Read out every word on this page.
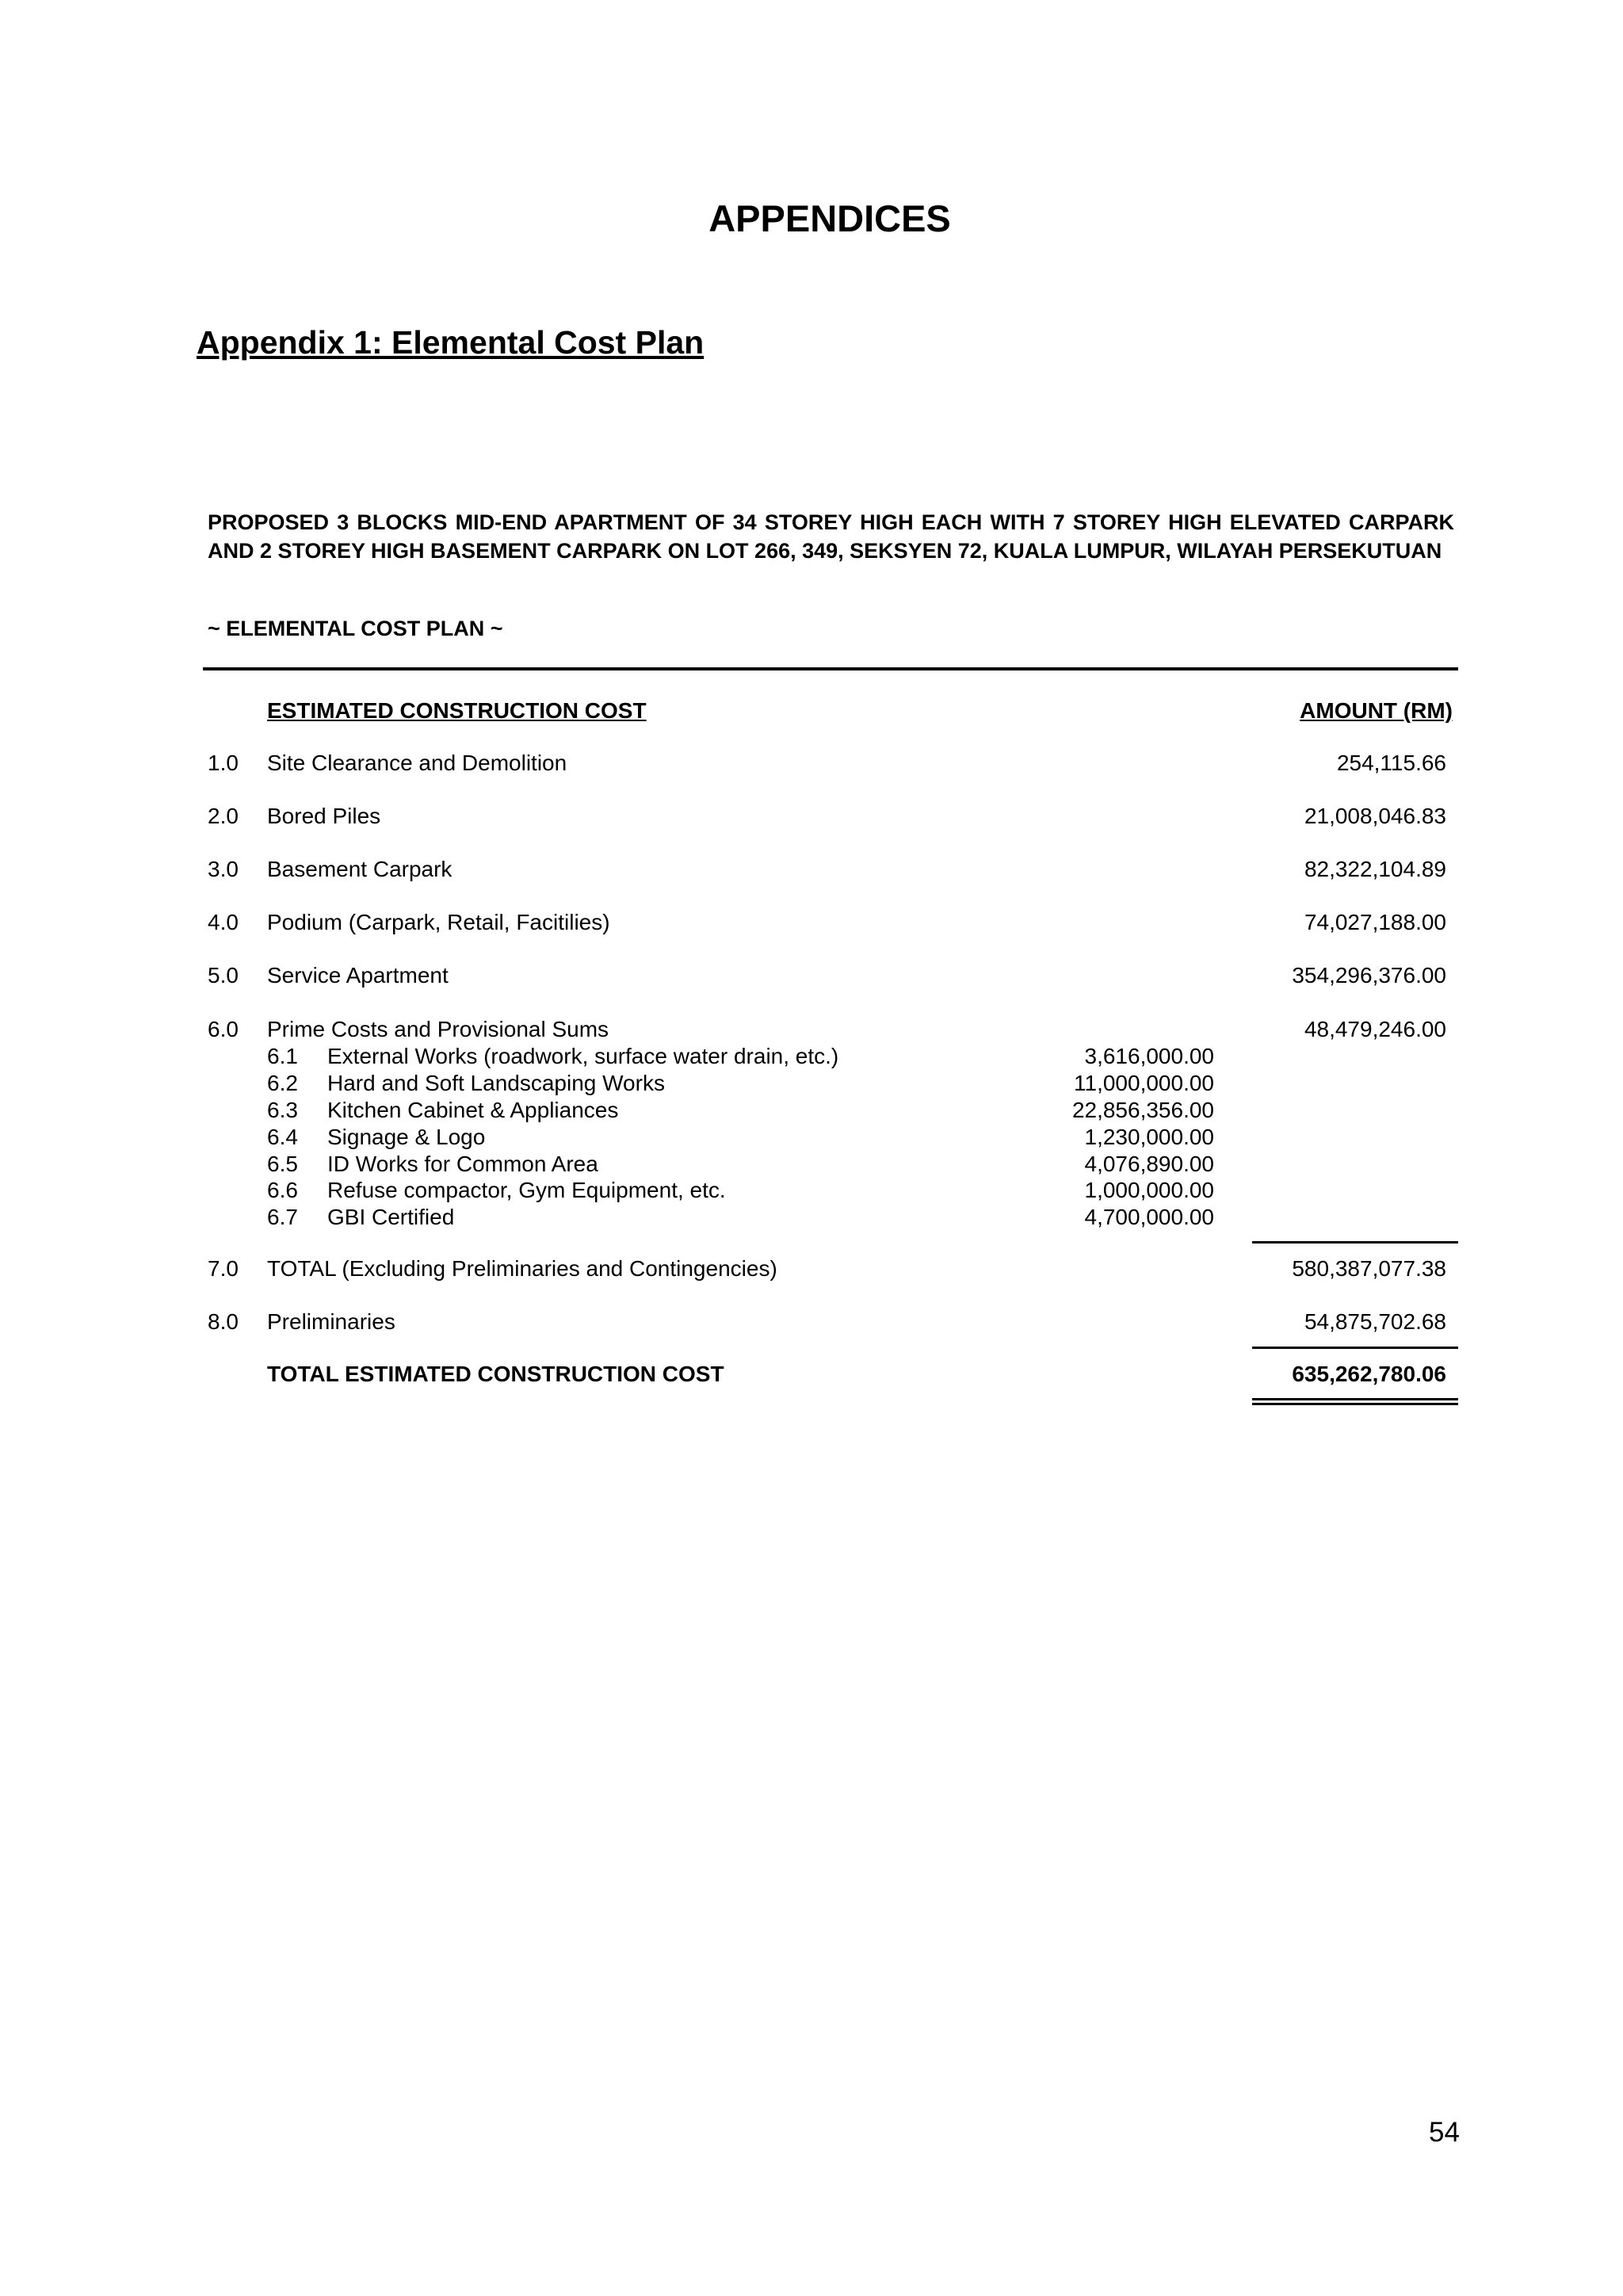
APPENDICES
Appendix 1: Elemental Cost Plan
PROPOSED 3 BLOCKS MID-END APARTMENT OF 34 STOREY HIGH EACH WITH 7 STOREY HIGH ELEVATED CARPARK AND 2 STOREY HIGH BASEMENT CARPARK ON LOT 266, 349, SEKSYEN 72, KUALA LUMPUR, WILAYAH PERSEKUTUAN
~ ELEMENTAL COST PLAN ~
ESTIMATED CONSTRUCTION COST	AMOUNT (RM)
1.0 Site Clearance and Demolition	254,115.66
2.0 Bored Piles	21,008,046.83
3.0 Basement Carpark	82,322,104.89
4.0 Podium (Carpark, Retail, Facitilies)	74,027,188.00
5.0 Service Apartment	354,296,376.00
6.0 Prime Costs and Provisional Sums	48,479,246.00
6.1 External Works (roadwork, surface water drain, etc.)	3,616,000.00
6.2 Hard and Soft Landscaping Works	11,000,000.00
6.3 Kitchen Cabinet & Appliances	22,856,356.00
6.4 Signage & Logo	1,230,000.00
6.5 ID Works for Common Area	4,076,890.00
6.6 Refuse compactor, Gym Equipment, etc.	1,000,000.00
6.7 GBI Certified	4,700,000.00
7.0 TOTAL (Excluding Preliminaries and Contingencies)	580,387,077.38
8.0 Preliminaries	54,875,702.68
TOTAL ESTIMATED CONSTRUCTION COST	635,262,780.06
54
